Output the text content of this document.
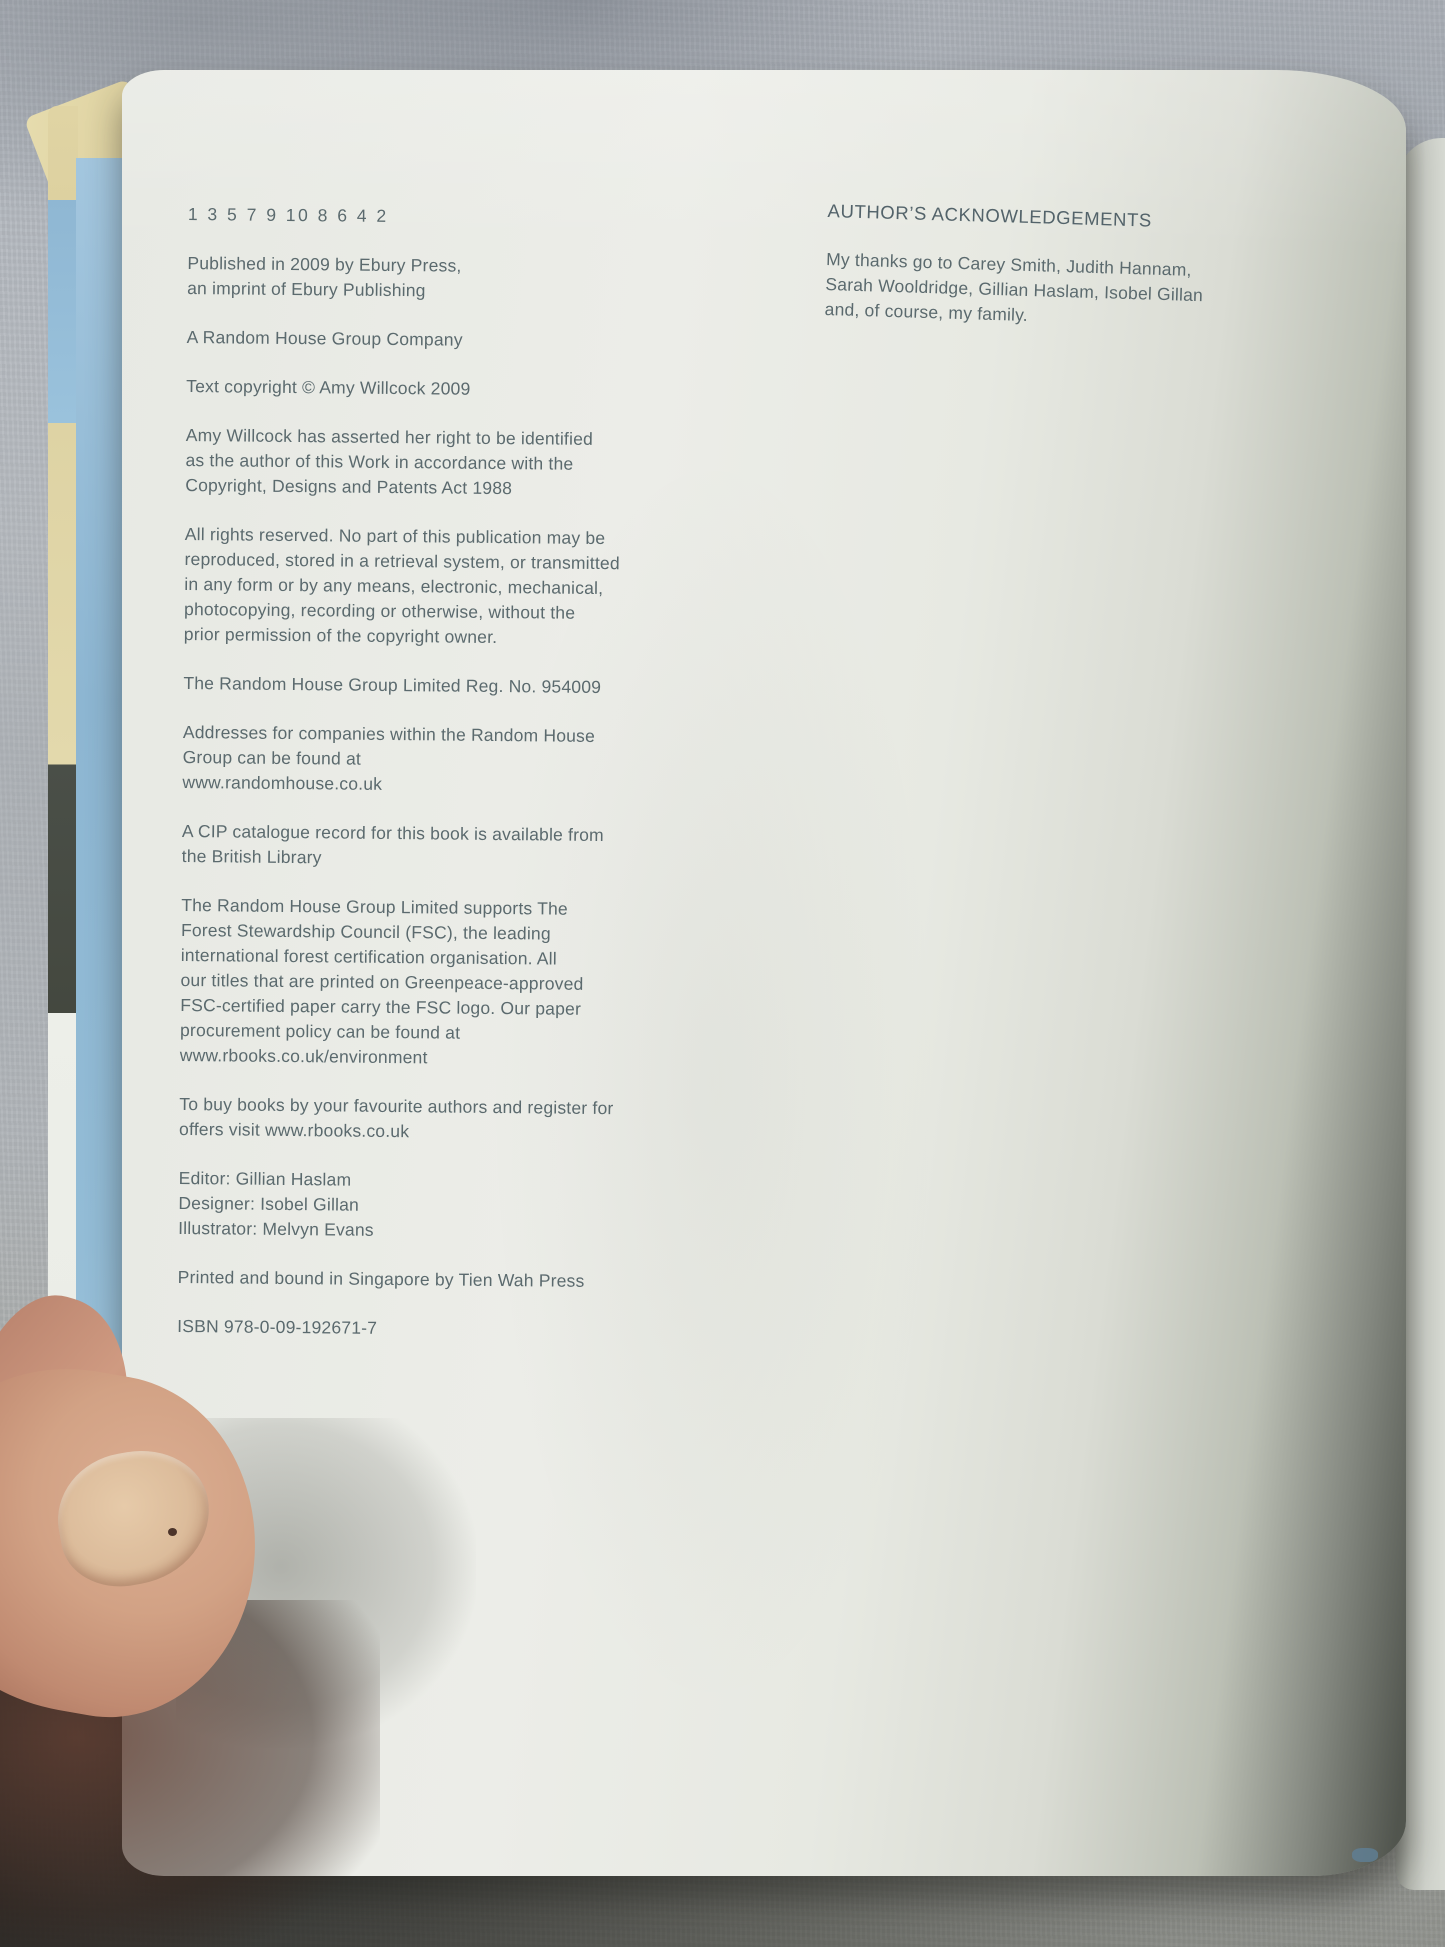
1 3 5 7 9 10 8 6 4 2

Published in 2009 by Ebury Press,
an imprint of Ebury Publishing

A Random House Group Company

Text copyright © Amy Willcock 2009

Amy Willcock has asserted her right to be identified
as the author of this Work in accordance with the
Copyright, Designs and Patents Act 1988

All rights reserved. No part of this publication may be
reproduced, stored in a retrieval system, or transmitted
in any form or by any means, electronic, mechanical,
photocopying, recording or otherwise, without the
prior permission of the copyright owner.

The Random House Group Limited Reg. No. 954009

Addresses for companies within the Random House
Group can be found at
www.randomhouse.co.uk

A CIP catalogue record for this book is available from
the British Library

The Random House Group Limited supports The
Forest Stewardship Council (FSC), the leading
international forest certification organisation. All
our titles that are printed on Greenpeace-approved
FSC-certified paper carry the FSC logo. Our paper
procurement policy can be found at
www.rbooks.co.uk/environment

To buy books by your favourite authors and register for
offers visit www.rbooks.co.uk

Editor: Gillian Haslam
Designer: Isobel Gillan
Illustrator: Melvyn Evans

Printed and bound in Singapore by Tien Wah Press

ISBN 978-0-09-192671-7

AUTHOR’S ACKNOWLEDGEMENTS

My thanks go to Carey Smith, Judith Hannam,
Sarah Wooldridge, Gillian Haslam, Isobel Gillan
and, of course, my family.
